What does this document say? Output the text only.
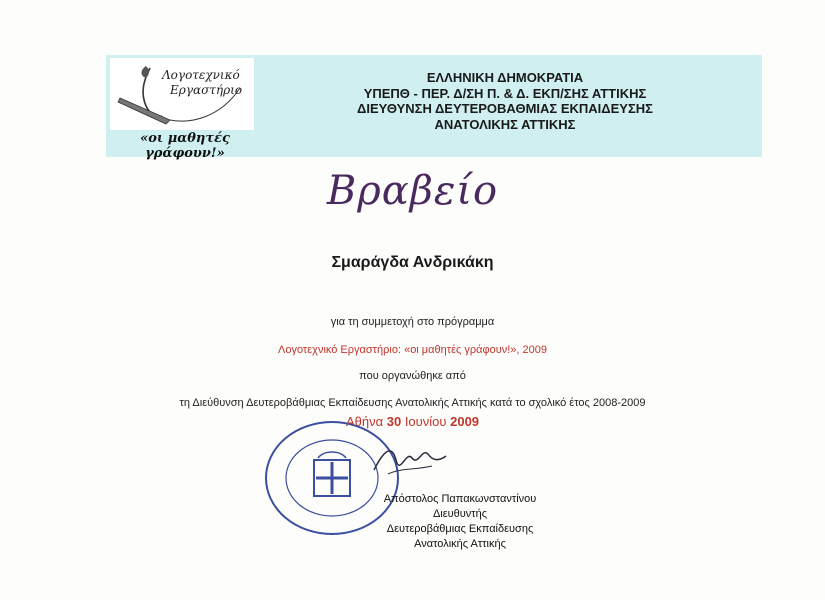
Λογοτεχνικό
Εργαστήριο
«οι μαθητές γράφουν!»
ΕΛΛΗΝΙΚΗ ΔΗΜΟΚΡΑΤΙΑ
ΥΠΕΠΘ - ΠΕΡ. Δ/ΣΗ Π. & Δ. ΕΚΠ/ΣΗΣ ΑΤΤΙΚΗΣ
ΔΙΕΥΘΥΝΣΗ ΔΕΥΤΕΡΟΒΑΘΜΙΑΣ ΕΚΠΑΙΔΕΥΣΗΣ
ΑΝΑΤΟΛΙΚΗΣ ΑΤΤΙΚΗΣ
Βραβείο
Σμαράγδα Ανδρικάκη
για τη συμμετοχή στο πρόγραμμα
Λογοτεχνικό Εργαστήριο: «οι μαθητές γράφουν!», 2009
που οργανώθηκε από
τη Διεύθυνση Δευτεροβάθμιας Εκπαίδευσης Ανατολικής Αττικής κατά το σχολικό έτος 2008-2009
Αθήνα 30 Ιουνίου 2009
Απόστολος Παπακωνσταντίνου
Διευθυντής
Δευτεροβάθμιας Εκπαίδευσης
Ανατολικής Αττικής
